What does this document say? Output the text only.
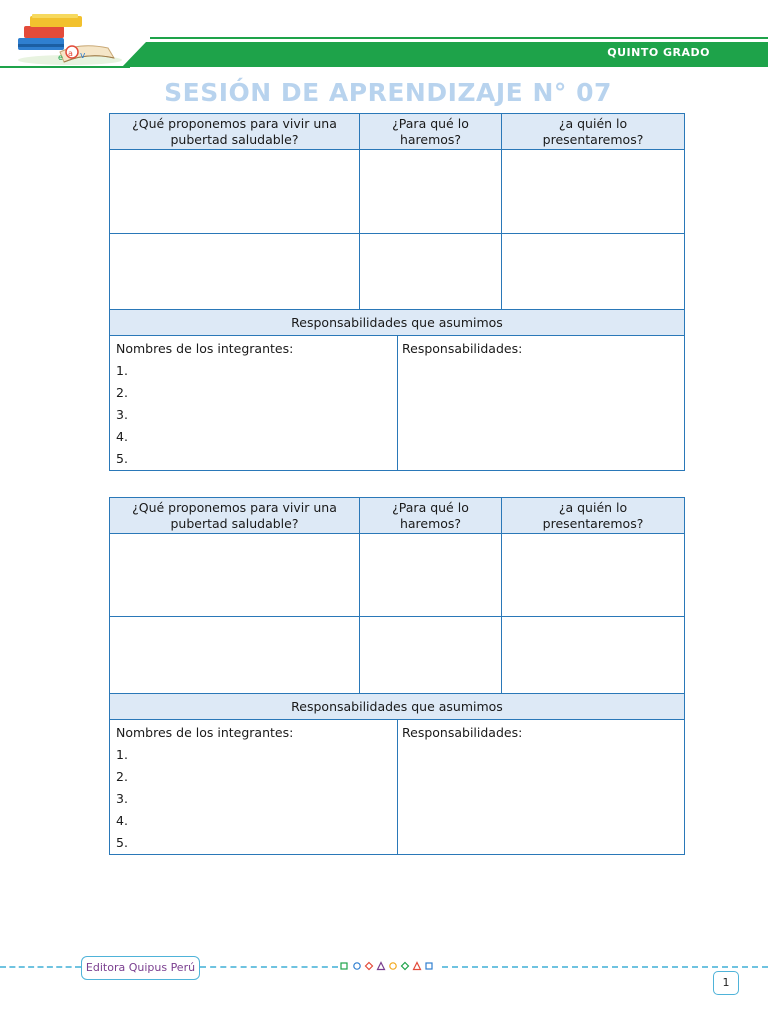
a v
e	QUINTO GRADO
SESIÓN DE APRENDIZAJE N° 07
¿Qué proponemos para vivir una pubertad saludable?	¿Para qué lo haremos?	¿a quién lo presentaremos?

Responsabilidades que asumimos		
Nombres de los integrantes:
1.
2.
3.
4.
5.

Responsabilidades:
¿Qué proponemos para vivir una pubertad saludable?	¿Para qué lo haremos?	¿a quién lo presentaremos?

Responsabilidades que asumimos		
Nombres de los integrantes:
1.
2.
3.
4.
5.

Responsabilidades:
Editora Quipus Perú
1
